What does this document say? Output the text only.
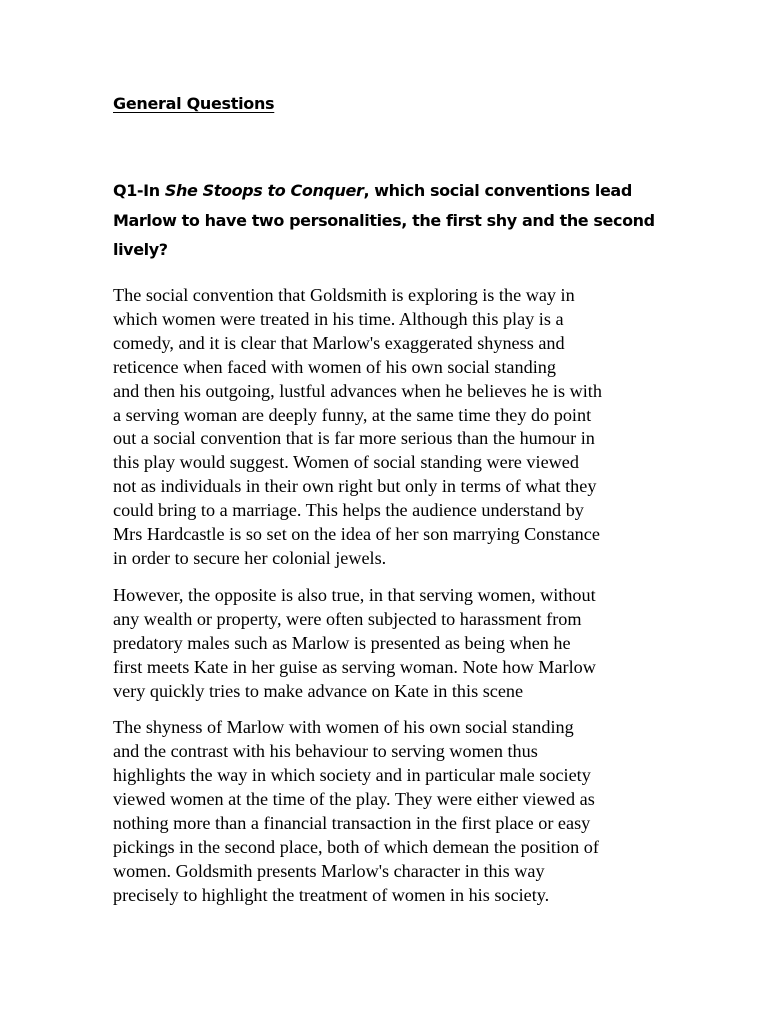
General Questions

Q1-In She Stoops to Conquer, which social conventions lead
Marlow to have two personalities, the first shy and the second
lively?

The social convention that Goldsmith is exploring is the way in
which women were treated in his time. Although this play is a
comedy, and it is clear that Marlow's exaggerated shyness and
reticence when faced with women of his own social standing
and then his outgoing, lustful advances when he believes he is with
a serving woman are deeply funny, at the same time they do point
out a social convention that is far more serious than the humour in
this play would suggest. Women of social standing were viewed
not as individuals in their own right but only in terms of what they
could bring to a marriage. This helps the audience understand by
Mrs Hardcastle is so set on the idea of her son marrying Constance
in order to secure her colonial jewels.

However, the opposite is also true, in that serving women, without
any wealth or property, were often subjected to harassment from
predatory males such as Marlow is presented as being when he
first meets Kate in her guise as serving woman. Note how Marlow
very quickly tries to make advance on Kate in this scene

The shyness of Marlow with women of his own social standing
and the contrast with his behaviour to serving women thus
highlights the way in which society and in particular male society
viewed women at the time of the play. They were either viewed as
nothing more than a financial transaction in the first place or easy
pickings in the second place, both of which demean the position of
women. Goldsmith presents Marlow's character in this way
precisely to highlight the treatment of women in his society.
